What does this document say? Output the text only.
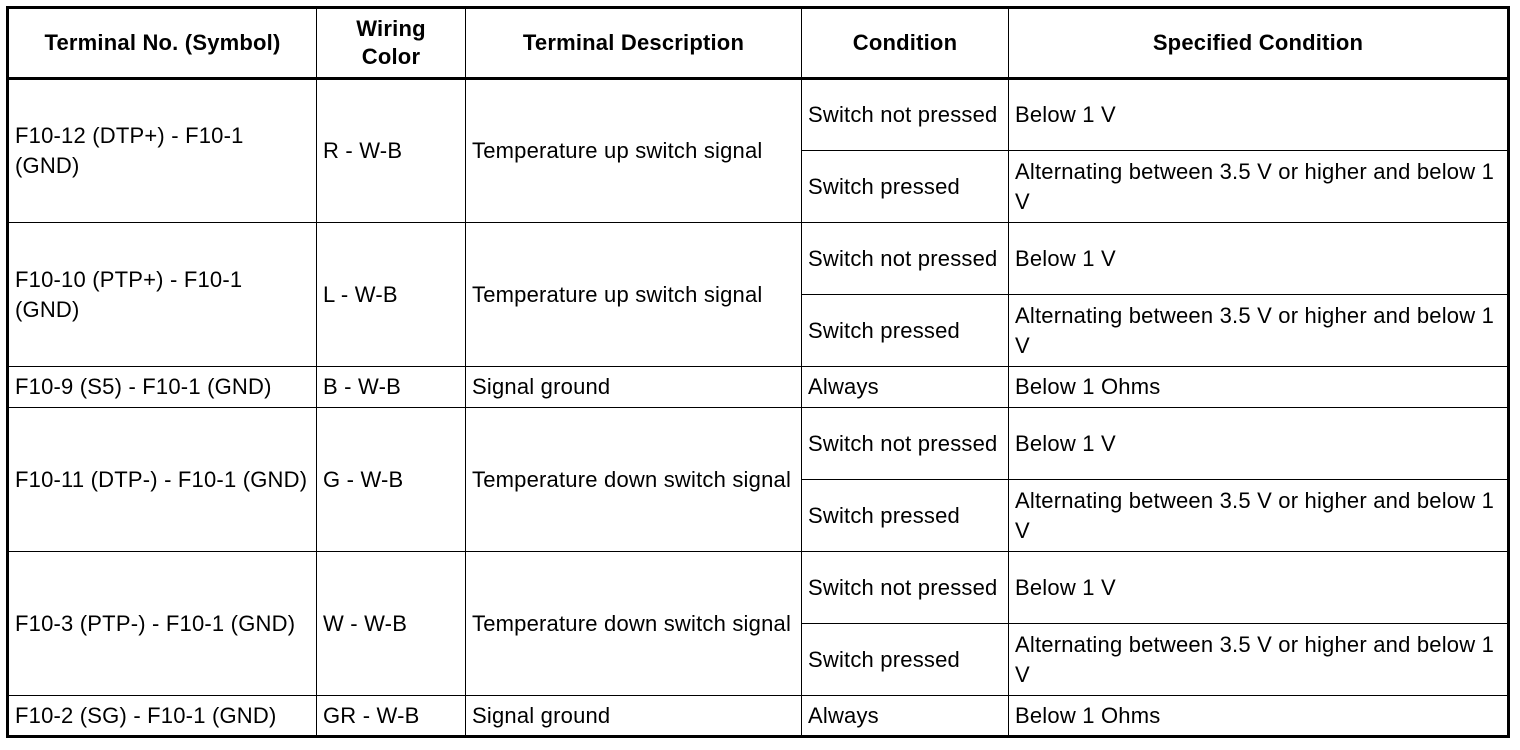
Terminal No. (Symbol)	Wiring Color	Terminal Description	Condition	Specified Condition
F10-12 (DTP+) - F10-1 (GND)	R - W-B	Temperature up switch signal	Switch not pressed	Below 1 V
			Switch pressed	Alternating between 3.5 V or higher and below 1 V
F10-10 (PTP+) - F10-1 (GND)	L - W-B	Temperature up switch signal	Switch not pressed	Below 1 V
			Switch pressed	Alternating between 3.5 V or higher and below 1 V
F10-9 (S5) - F10-1 (GND)	B - W-B	Signal ground	Always	Below 1 Ohms
F10-11 (DTP-) - F10-1 (GND)	G - W-B	Temperature down switch signal	Switch not pressed	Below 1 V
			Switch pressed	Alternating between 3.5 V or higher and below 1 V
F10-3 (PTP-) - F10-1 (GND)	W - W-B	Temperature down switch signal	Switch not pressed	Below 1 V
			Switch pressed	Alternating between 3.5 V or higher and below 1 V
F10-2 (SG) - F10-1 (GND)	GR - W-B	Signal ground	Always	Below 1 Ohms
